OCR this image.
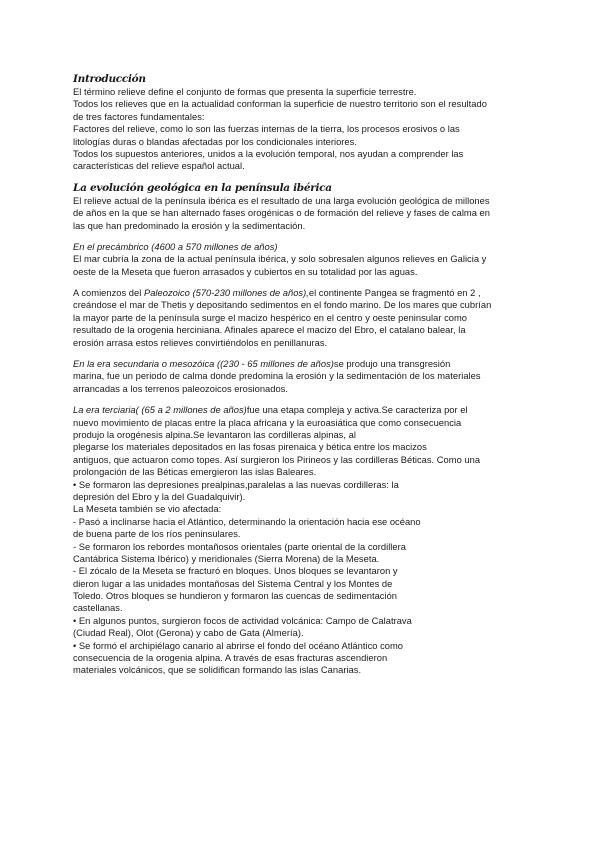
Introducción
El término relieve define el conjunto de formas que presenta la superficie terrestre.
Todos los relieves que en la actualidad conforman la superficie de nuestro territorio son el resultado
de tres factores fundamentales:
Factores del relieve, como lo son las fuerzas internas de la tierra, los procesos erosivos o las
litologías duras o blandas afectadas por los condicionales interiores.
Todos los supuestos anteriores, unidos a la evolución temporal, nos ayudan a comprender las
características del relieve español actual.
La evolución geológica en la península ibérica
El relieve actual de la península ibérica es el resultado de una larga evolución geológica de millones
de años en la que se han alternado fases orogénicas o de formación del relieve y fases de calma en
las que han predominado la erosión y la sedimentación.
En el precámbrico (4600 a 570 millones de años)
El mar cubría la zona de la actual península ibérica, y solo sobresalen algunos relieves en Galicia y
oeste de la Meseta que fueron arrasados y cubiertos en su totalidad por las aguas.
A comienzos del Paleozoico (570-230 millones de años),el continente Pangea se fragmentó en 2 ,
creándose el mar de Thetis y depositando sedimentos en el fondo marino. De los mares que cubrían
la mayor parte de la península surge el macizo hespérico en el centro y oeste peninsular como
resultado de la orogenia herciniana. Afinales aparece el macizo del Ebro, el catalano balear, la
erosión arrasa estos relieves convirtiéndolos en penillanuras.
En la era secundaria o mesozóica ((230 - 65 millones de años)se produjo una transgresión
marina, fue un periodo de calma donde predomina la erosión y la sedimentación de los materiales
arrancadas a los terrenos paleozoicos erosionados.
La era terciaria( (65 a 2 millones de años)fue una etapa compleja y activa.Se caracteriza por el
nuevo movimiento de placas entre la placa africana y la euroasiática que como consecuencia
produjo la orogénesis alpina.Se levantaron las cordilleras alpinas, al
plegarse los materiales depositados en las fosas pirenaica y bética entre los macizos
antiguos, que actuaron como topes. Así surgieron los Pirineos y las cordilleras Béticas. Como una
prolongación de las Béticas emergieron las islas Baleares.
• Se formaron las depresiones prealpinas,paralelas a las nuevas cordilleras: la
depresión del Ebro y la del Guadalquivir).
La Meseta también se vio afectada:
- Pasó a inclinarse hacia el Atlántico, determinando la orientación hacia ese océano
de buena parte de los ríos peninsulares.
- Se formaron los rebordes montañosos orientales (parte oriental de la cordillera
Cantábrica Sistema Ibérico) y meridionales (Sierra Morena) de la Meseta.
- El zócalo de la Meseta se fracturó en bloques. Unos bloques se levantaron y
dieron lugar a las unidades montañosas del Sistema Central y los Montes de
Toledo. Otros bloques se hundieron y formaron las cuencas de sedimentación
castellanas.
• En algunos puntos, surgieron focos de actividad volcánica: Campo de Calatrava
(Ciudad Real), Olot (Gerona) y cabo de Gata (Almería).
• Se formó el archipiélago canario al abrirse el fondo del océano Atlántico como
consecuencia de la orogenia alpina. A través de esas fracturas ascendieron
materiales volcánicos, que se solidifican formando las islas Canarias.
